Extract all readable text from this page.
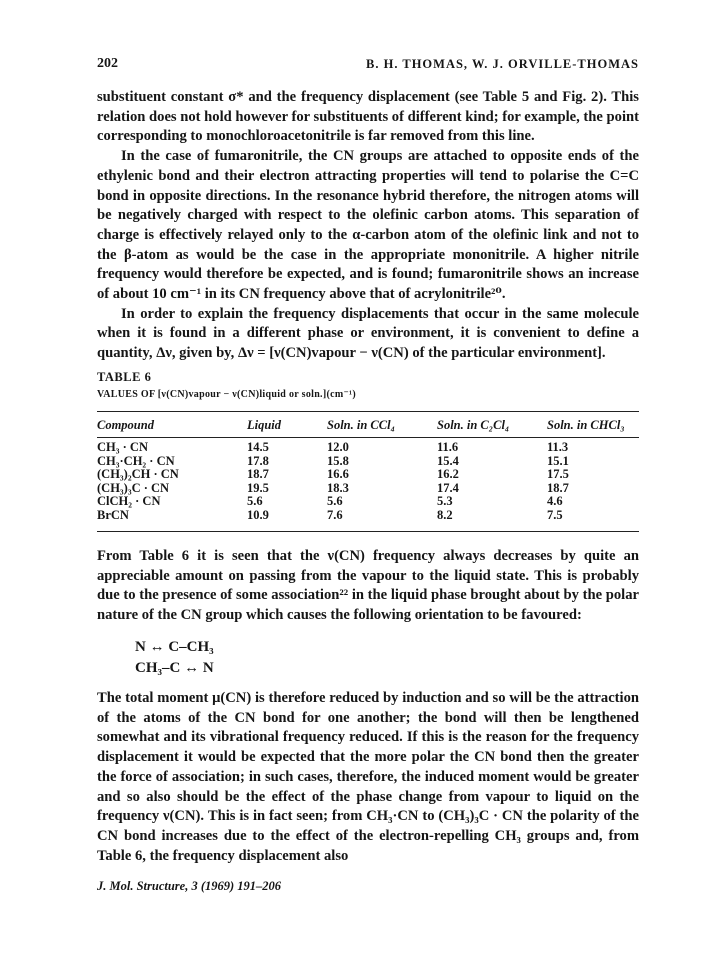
202	B. H. THOMAS, W. J. ORVILLE-THOMAS

substituent constant σ* and the frequency displacement (see Table 5 and Fig. 2). This relation does not hold however for substituents of different kind; for example, the point corresponding to monochloroacetonitrile is far removed from this line.

In the case of fumaronitrile, the CN groups are attached to opposite ends of the ethylenic bond and their electron attracting properties will tend to polarise the C=C bond in opposite directions. In the resonance hybrid therefore, the nitrogen atoms will be negatively charged with respect to the olefinic carbon atoms. This separation of charge is effectively relayed only to the α-carbon atom of the olefinic link and not to the β-atom as would be the case in the appropriate mononitrile. A higher nitrile frequency would therefore be expected, and is found; fumaronitrile shows an increase of about 10 cm⁻¹ in its CN frequency above that of acrylonitrile²⁰.

In order to explain the frequency displacements that occur in the same molecule when it is found in a different phase or environment, it is convenient to define a quantity, Δν, given by, Δν = [ν(CN)vapour − ν(CN) of the particular environment].

TABLE 6
VALUES OF [ν(CN)vapour − ν(CN)liquid or soln.](cm⁻¹)
Compound	Liquid	Soln. in CCl₄	Soln. in C₂Cl₄	Soln. in CHCl₃
CH₃ · CN	14.5	12.0	11.6	11.3
CH₃·CH₂ · CN	17.8	15.8	15.4	15.1
(CH₃)₂CH · CN	18.7	16.6	16.2	17.5
(CH₃)₃C · CN	19.5	18.3	17.4	18.7
ClCH₂ · CN	5.6	5.6	5.3	4.6
BrCN	10.9	7.6	8.2	7.5

From Table 6 it is seen that the ν(CN) frequency always decreases by quite an appreciable amount on passing from the vapour to the liquid state. This is probably due to the presence of some association²² in the liquid phase brought about by the polar nature of the CN group which causes the following orientation to be favoured:

N ↔ C–CH₃
CH₃–C ↔ N

The total moment μ(CN) is therefore reduced by induction and so will be the attraction of the atoms of the CN bond for one another; the bond will then be lengthened somewhat and its vibrational frequency reduced. If this is the reason for the frequency displacement it would be expected that the more polar the CN bond then the greater the force of association; in such cases, therefore, the induced moment would be greater and so also should be the effect of the phase change from vapour to liquid on the frequency ν(CN). This is in fact seen; from CH₃·CN to (CH₃)₃C · CN the polarity of the CN bond increases due to the effect of the electron-repelling CH₃ groups and, from Table 6, the frequency displacement also

J. Mol. Structure, 3 (1969) 191–206
